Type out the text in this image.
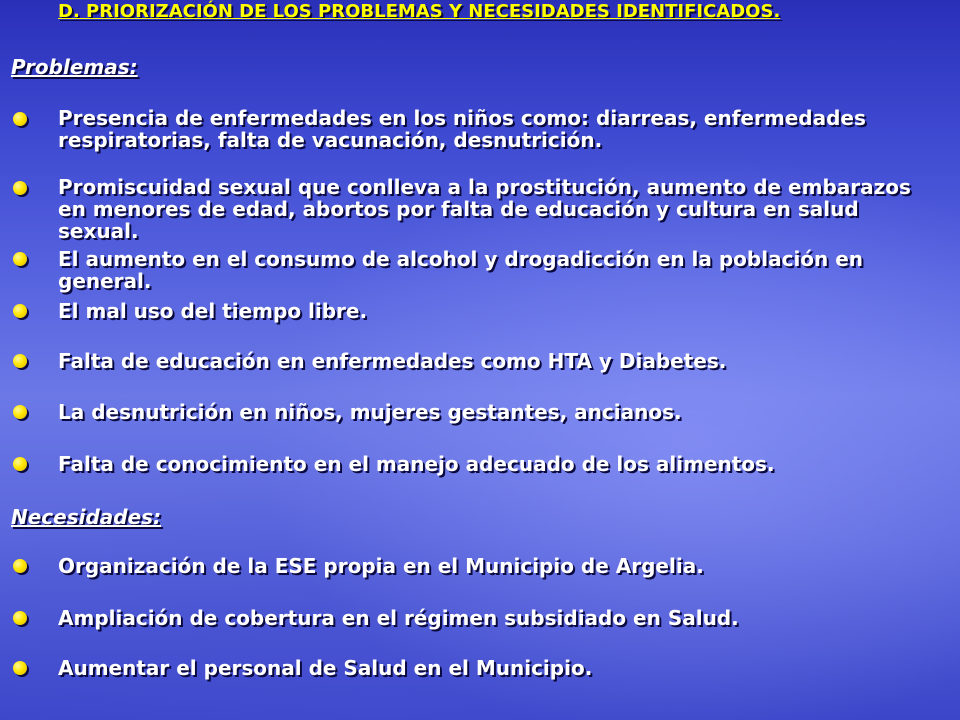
D. PRIORIZACIÓN DE LOS PROBLEMAS Y NECESIDADES IDENTIFICADOS.
Problemas:
Presencia de enfermedades en los niños como: diarreas, enfermedades respiratorias, falta de vacunación, desnutrición.
Promiscuidad sexual que conlleva a la prostitución, aumento de embarazos en menores de edad, abortos por falta de educación y cultura en salud sexual.
El aumento en el consumo de alcohol y drogadicción en la población en general.
El mal uso del tiempo libre.
Falta de educación en enfermedades como HTA y Diabetes.
La desnutrición en niños, mujeres gestantes, ancianos.
Falta de conocimiento en el manejo adecuado de los alimentos.
Necesidades:
Organización de la ESE propia en el Municipio de Argelia.
Ampliación de cobertura en el régimen subsidiado en Salud.
Aumentar el personal de Salud en el Municipio.
